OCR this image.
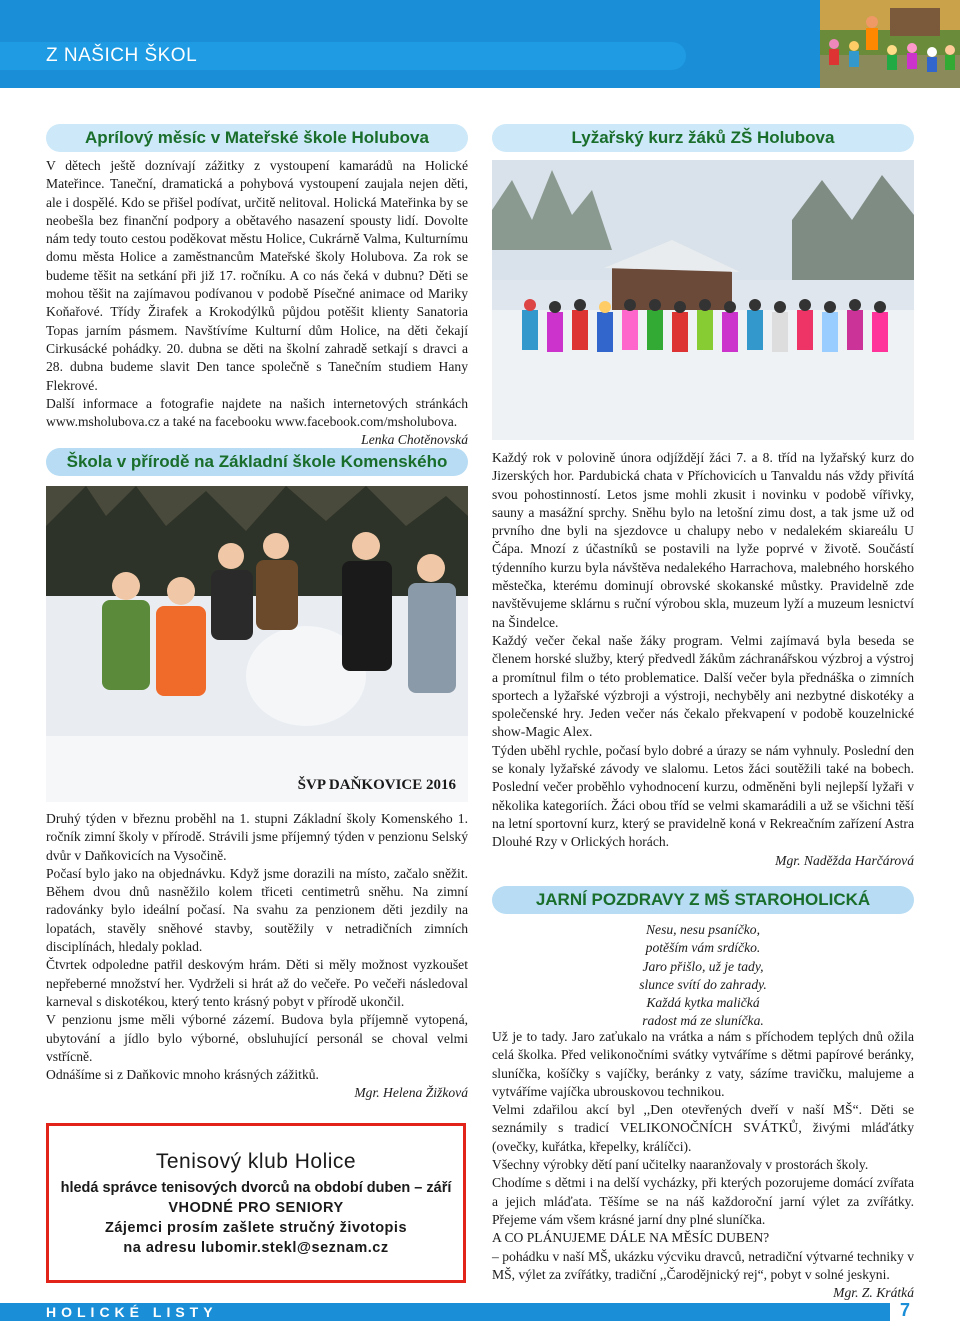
Z NAŠICH ŠKOL
Aprílový měsíc v Mateřské škole Holubova

V dětech ještě doznívají zážitky z vystoupení kamarádů na Holické Mateřince. Taneční, dramatická a pohybová vystoupení zaujala nejen děti, ale i dospělé. Kdo se přišel podívat, určitě nelitoval. Holická Mateřinka by se neobešla bez finanční podpory a obětavého nasazení spousty lidí. Dovolte nám tedy touto cestou poděkovat městu Holice, Cukrárně Valma, Kulturnímu domu města Holice a zaměstnancům Mateřské školy Holubova. Za rok se budeme těšit na setkání při již 17. ročníku. A co nás čeká v dubnu? Děti se mohou těšit na zajímavou podívanou v podobě Písečné animace od Mariky Koňařové. Třídy Žirafek a Krokodýlků půjdou potěšit klienty Sanatoria Topas jarním pásmem. Navštívíme Kulturní dům Holice, na děti čekají Cirkusácké pohádky. 20. dubna se děti na školní zahradě setkají s dravci a 28. dubna budeme slavit Den tance společně s Tanečním studiem Hany Flekrové.

Další informace a fotografie najdete na našich internetových stránkách www.msholubova.cz a také na facebooku www.facebook.com/msholubova.

Lenka Chotěnovská

Škola v přírodě na Základní škole Komenského
ŠVP DAŇKOVICE 2016

Druhý týden v březnu proběhl na 1. stupni Základní školy Komenského 1. ročník zimní školy v přírodě. Strávili jsme příjemný týden v penzionu Selský dvůr v Daňkovicích na Vysočině.

Počasí bylo jako na objednávku. Když jsme dorazili na místo, začalo sněžit. Během dvou dnů nasněžilo kolem třiceti centimetrů sněhu. Na zimní radovánky bylo ideální počasí. Na svahu za penzionem děti jezdily na lopatách, stavěly sněhové stavby, soutěžily v netradičních zimních disciplínách, hledaly poklad.

Čtvrtek odpoledne patřil deskovým hrám. Děti si měly možnost vyzkoušet nepřeberné množství her. Vydrželi si hrát až do večeře. Po večeři následoval karneval s diskotékou, který tento krásný pobyt v přírodě ukončil.

V penzionu jsme měli výborné zázemí. Budova byla příjemně vytopená, ubytování a jídlo bylo výborné, obsluhující personál se choval velmi vstřícně.

Odnášíme si z Daňkovic mnoho krásných zážitků.

Mgr. Helena Žižková

Tenisový klub Holice
hledá správce tenisových dvorců na období duben – září
VHODNÉ PRO SENIORY
Zájemci prosím zašlete stručný životopis
na adresu lubomir.stekl@seznam.cz
Lyžařský kurz žáků ZŠ Holubova

Každý rok v polovině února odjíždějí žáci 7. a 8. tříd na lyžařský kurz do Jizerských hor. Pardubická chata v Příchovicích u Tanvaldu nás vždy přivítá svou pohostinností. Letos jsme mohli zkusit i novinku v podobě vířivky, sauny a masážní sprchy. Sněhu bylo na letošní zimu dost, a tak jsme už od prvního dne byli na sjezdovce u chalupy nebo v nedalekém skiareálu U Čápa. Mnozí z účastníků se postavili na lyže poprvé v životě. Součástí týdenního kurzu byla návštěva nedalekého Harrachova, malebného horského městečka, kterému dominují obrovské skokanské můstky. Pravidelně zde navštěvujeme sklárnu s ruční výrobou skla, muzeum lyží a muzeum lesnictví na Šindelce.

Každý večer čekal naše žáky program. Velmi zajímavá byla beseda se členem horské služby, který předvedl žákům záchranářskou výzbroj a výstroj a promítnul film o této problematice. Další večer byla přednáška o zimních sportech a lyžařské výzbroji a výstroji, nechyběly ani nezbytné diskotéky a společenské hry. Jeden večer nás čekalo překvapení v podobě kouzelnické show-Magic Alex.

Týden uběhl rychle, počasí bylo dobré a úrazy se nám vyhnuly. Poslední den se konaly lyžařské závody ve slalomu. Letos žáci soutěžili také na bobech. Poslední večer proběhlo vyhodnocení kurzu, odměněni byli nejlepší lyžaři v několika kategoriích. Žáci obou tříd se velmi skamarádili a už se všichni těší na letní sportovní kurz, který se pravidelně koná v Rekreačním zařízení Astra Dlouhé Rzy v Orlických horách.

Mgr. Naděžda Harčárová

JARNÍ POZDRAVY Z MŠ STAROHOLICKÁ
Nesu, nesu psaníčko,
potěším vám srdíčko.
Jaro přišlo, už je tady,
slunce svítí do zahrady.
Každá kytka maličká
radost má ze sluníčka.

Už je to tady. Jaro zaťukalo na vrátka a nám s příchodem teplých dnů ožila celá školka. Před velikonočními svátky vytváříme s dětmi papírové beránky, sluníčka, košíčky s vajíčky, beránky z vaty, sázíme travičku, malujeme a vytváříme vajíčka ubrouskovou technikou.

Velmi zdařilou akcí byl ,,Den otevřených dveří v naší MŠ“. Děti se seznámily s tradicí VELIKONOČNÍCH SVÁTKŮ, živými mláďátky (ovečky, kuřátka, křepelky, králíčci).

Všechny výrobky dětí paní učitelky naaranžovaly v prostorách školy.

Chodíme s dětmi i na delší vycházky, při kterých pozorujeme domácí zvířata a jejich mláďata. Těšíme se na náš každoroční jarní výlet za zvířátky. Přejeme vám všem krásné jarní dny plné sluníčka.

A CO PLÁNUJEME DÁLE NA MĚSÍC DUBEN?

– pohádku v naší MŠ, ukázku výcviku dravců, netradiční výtvarné techniky v MŠ, výlet za zvířátky, tradiční ,,Čarodějnický rej“, pobyt v solné jeskyni.
Mgr. Z. Krátká

HOLICKÉ LISTY	7
